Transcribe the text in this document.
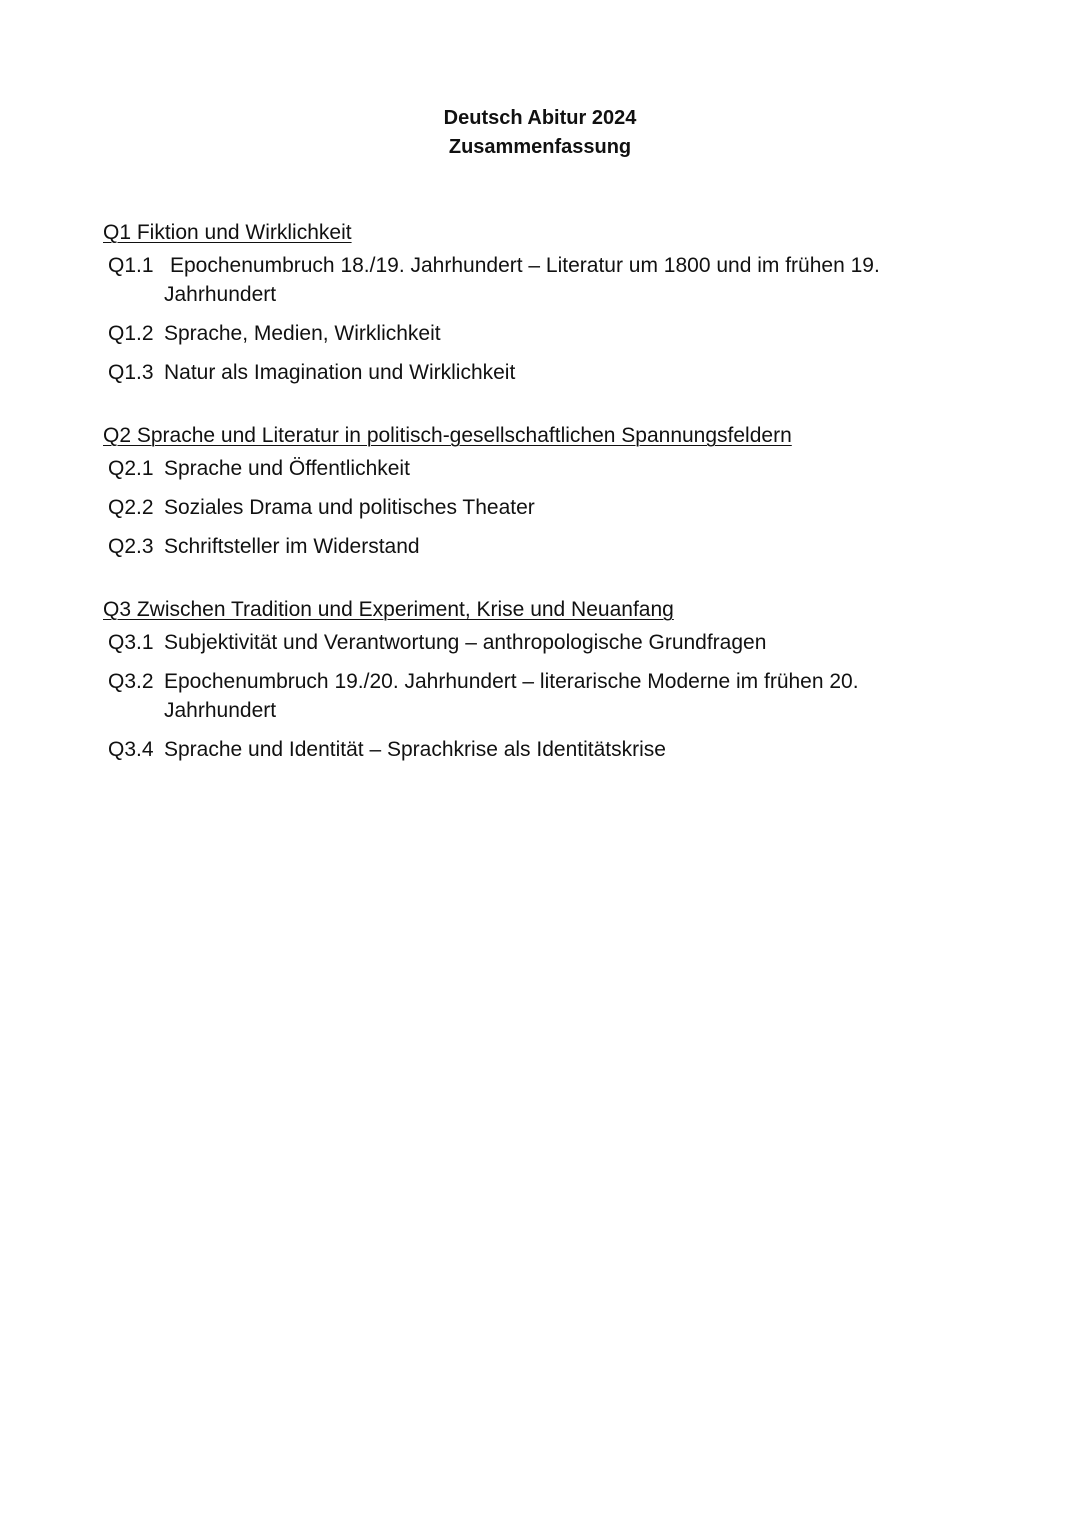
Deutsch Abitur 2024
Zusammenfassung
Q1 Fiktion und Wirklichkeit
Q1.1 Epochenumbruch 18./19. Jahrhundert – Literatur um 1800 und im frühen 19. Jahrhundert
Q1.2 Sprache, Medien, Wirklichkeit
Q1.3 Natur als Imagination und Wirklichkeit
Q2 Sprache und Literatur in politisch-gesellschaftlichen Spannungsfeldern
Q2.1 Sprache und Öffentlichkeit
Q2.2 Soziales Drama und politisches Theater
Q2.3 Schriftsteller im Widerstand
Q3 Zwischen Tradition und Experiment, Krise und Neuanfang
Q3.1 Subjektivität und Verantwortung – anthropologische Grundfragen
Q3.2 Epochenumbruch 19./20. Jahrhundert – literarische Moderne im frühen 20. Jahrhundert
Q3.4 Sprache und Identität – Sprachkrise als Identitätskrise
